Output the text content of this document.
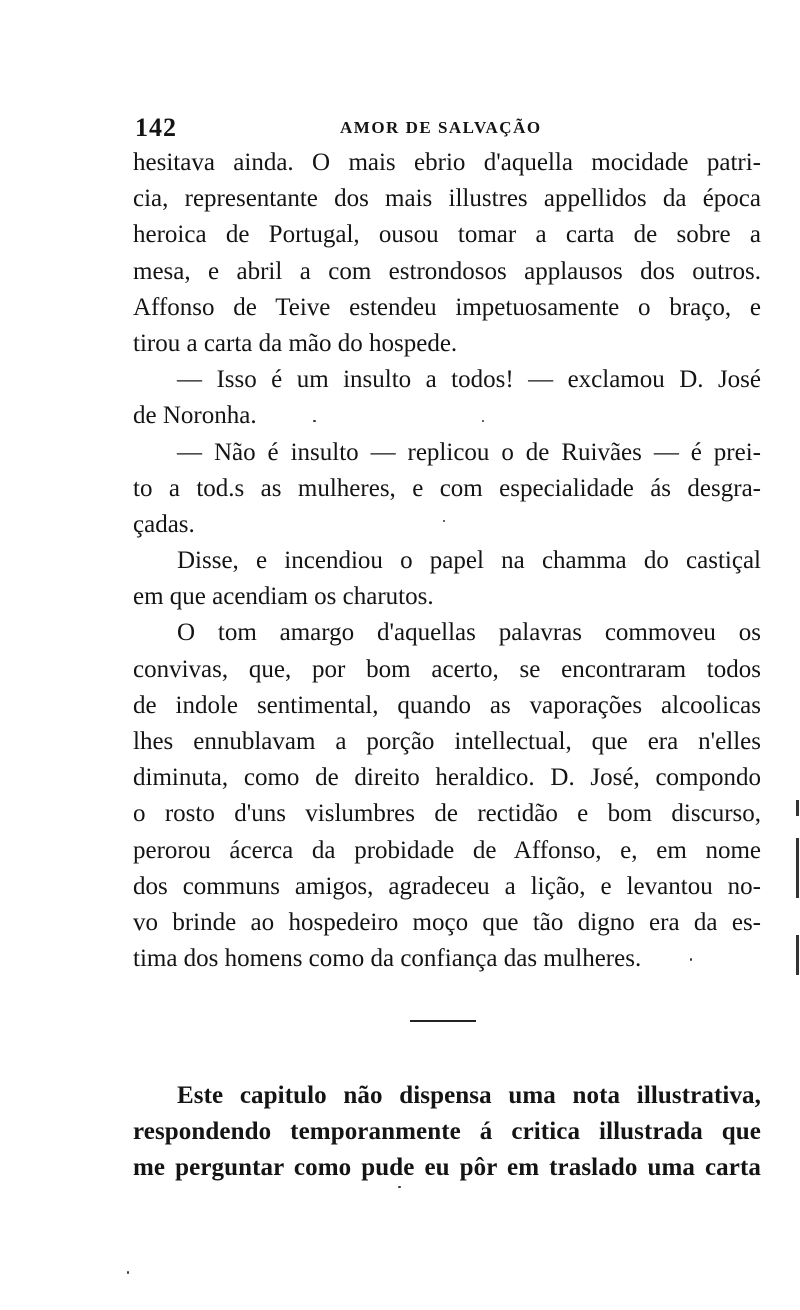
142	AMOR DE SALVAÇÃO
hesitava ainda. O mais ebrio d'aquella mocidade patri-
cia, representante dos mais illustres appellidos da época
heroica de Portugal, ousou tomar a carta de sobre a
mesa, e abril a com estrondosos applausos dos outros.
Affonso de Teive estendeu impetuosamente o braço, e
tirou a carta da mão do hospede.
— Isso é um insulto a todos! — exclamou D. José
de Noronha.
— Não é insulto — replicou o de Ruivães — é prei-
to a tod.s as mulheres, e com especialidade ás desgra-
çadas.
Disse, e incendiou o papel na chamma do castiçal
em que acendiam os charutos.
O tom amargo d'aquellas palavras commoveu os
convivas, que, por bom acerto, se encontraram todos
de indole sentimental, quando as vaporações alcoolicas
lhes ennublavam a porção intellectual, que era n'elles
diminuta, como de direito heraldico. D. José, compondo
o rosto d'uns vislumbres de rectidão e bom discurso,
perorou ácerca da probidade de Affonso, e, em nome
dos communs amigos, agradeceu a lição, e levantou no-
vo brinde ao hospedeiro moço que tão digno era da es-
tima dos homens como da confiança das mulheres.
Este capitulo não dispensa uma nota illustrativa,
respondendo temporanmente á critica illustrada que
me perguntar como pude eu pôr em traslado uma carta
